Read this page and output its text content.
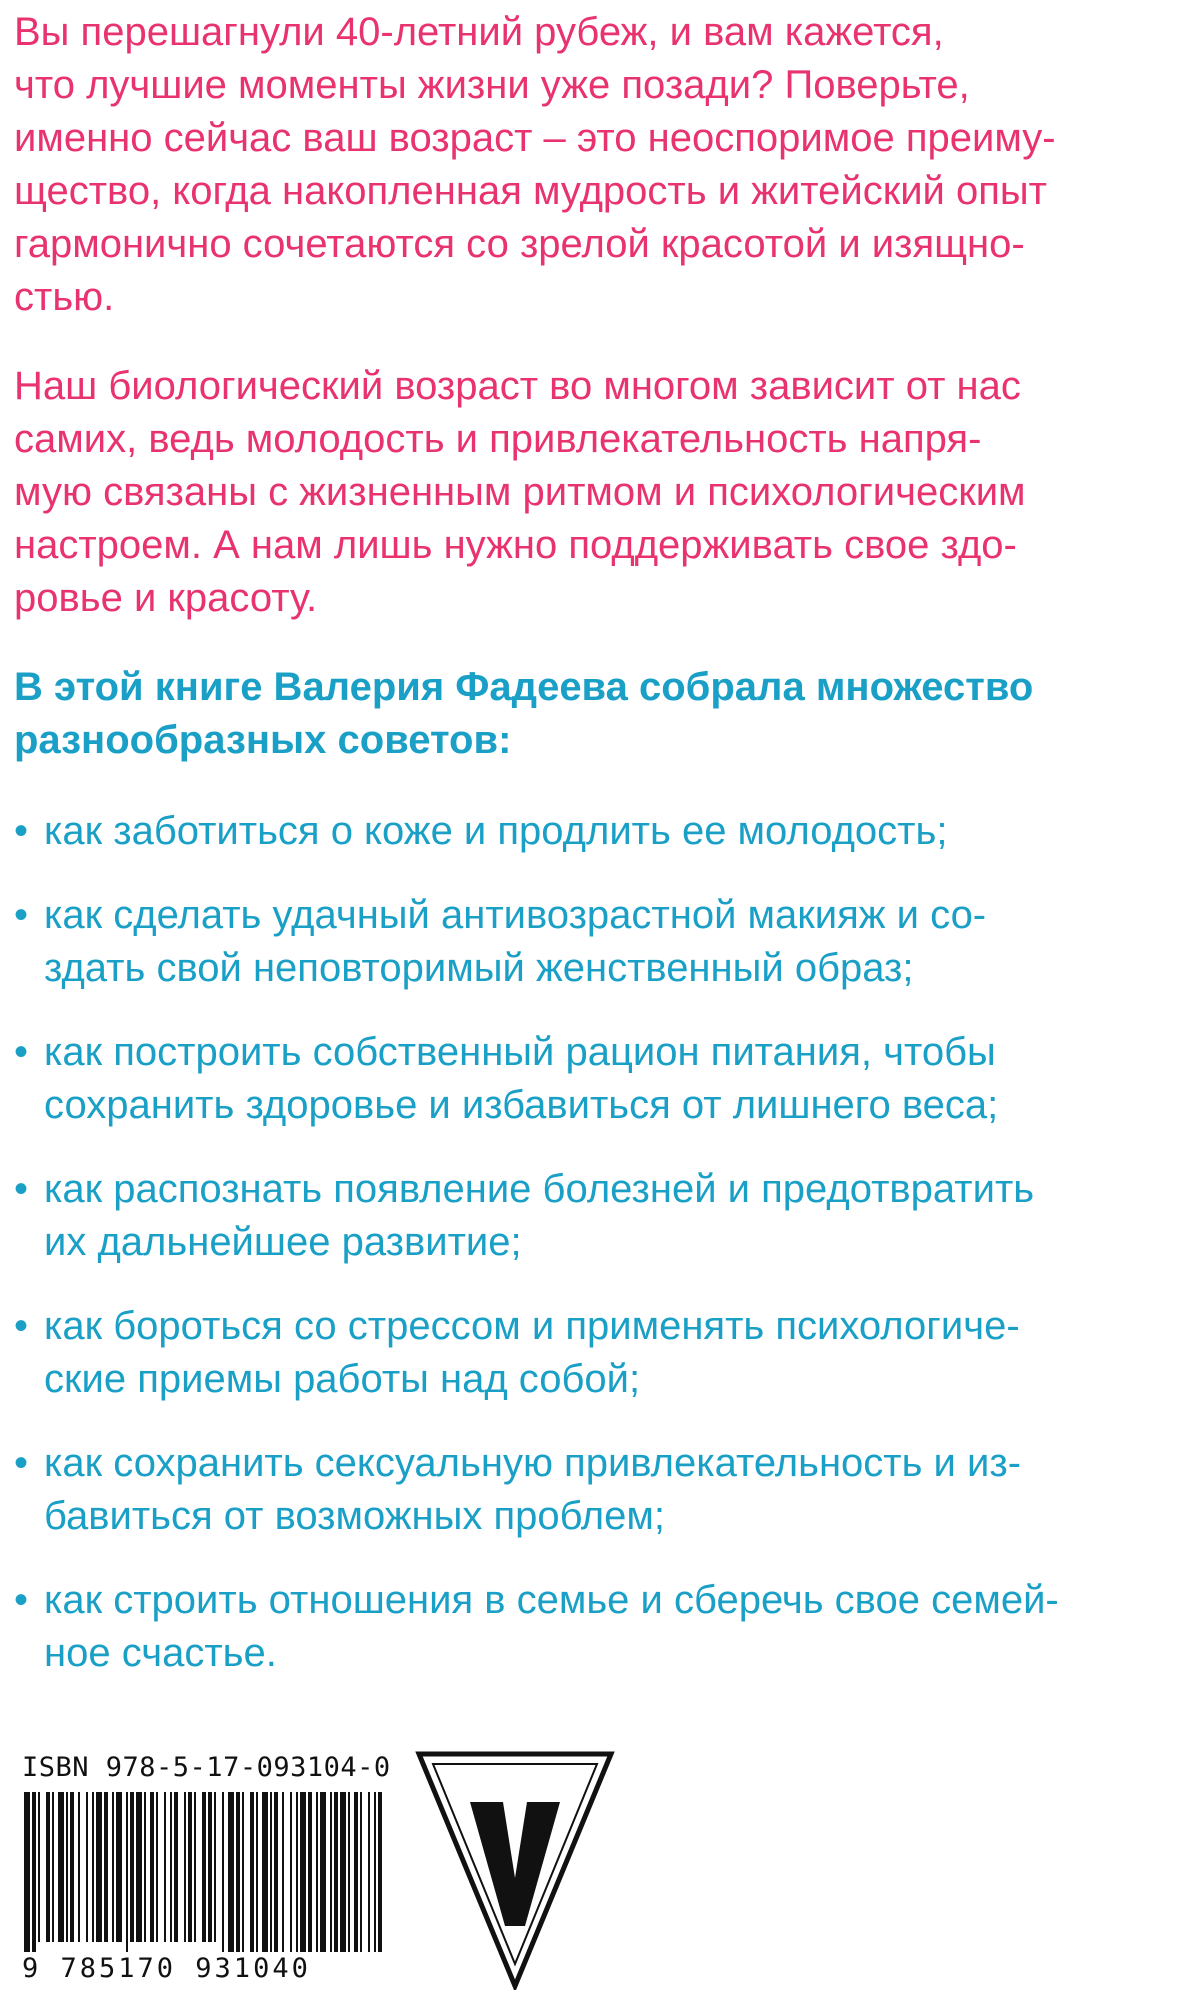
Вы перешагнули 40-летний рубеж, и вам кажется,
что лучшие моменты жизни уже позади? Поверьте,
именно сейчас ваш возраст – это неоспоримое преиму-
щество, когда накопленная мудрость и житейский опыт
гармонично сочетаются со зрелой красотой и изящно-
стью.

Наш биологический возраст во многом зависит от нас
самих, ведь молодость и привлекательность напря-
мую связаны с жизненным ритмом и психологическим
настроем. А нам лишь нужно поддерживать свое здо-
ровье и красоту.

В этой книге Валерия Фадеева собрала множество
разнообразных советов:
• как заботиться о коже и продлить ее молодость;
• как сделать удачный антивозрастной макияж и со-
здать свой неповторимый женственный образ;
• как построить собственный рацион питания, чтобы
сохранить здоровье и избавиться от лишнего веса;
• как распознать появление болезней и предотвратить
их дальнейшее развитие;
• как бороться со стрессом и применять психологиче-
ские приемы работы над собой;
• как сохранить сексуальную привлекательность и из-
бавиться от возможных проблем;
• как строить отношения в семье и сберечь свое семей-
ное счастье.
ISBN 978-5-17-093104-0
9 785170 931040
